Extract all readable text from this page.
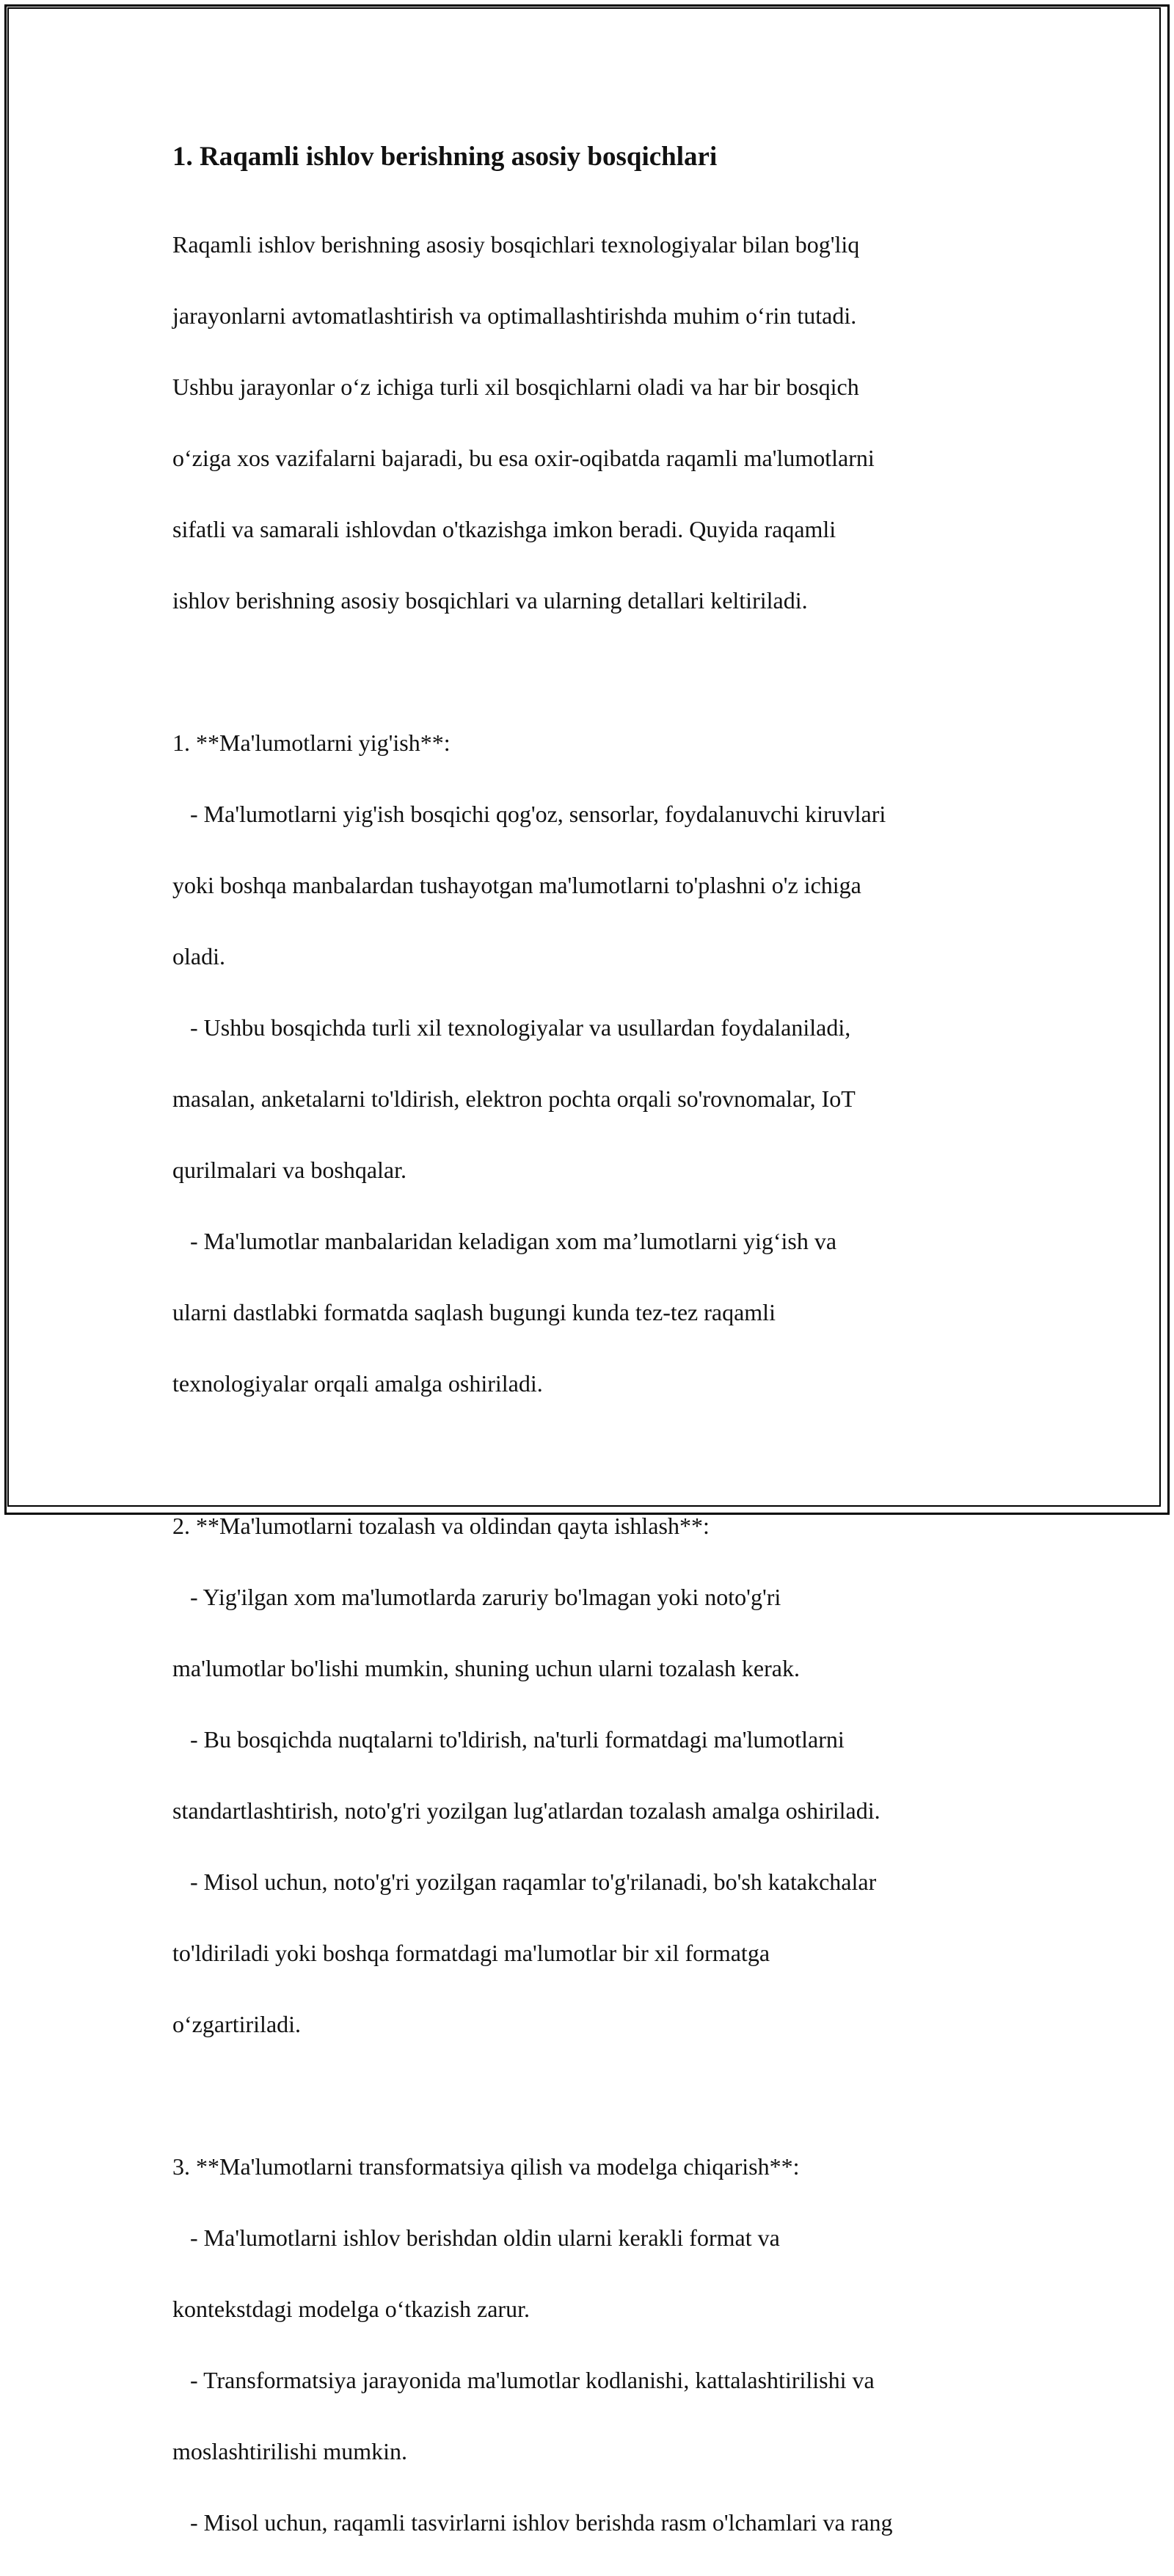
1. Raqamli ishlov berishning asosiy bosqichlari

Raqamli ishlov berishning asosiy bosqichlari texnologiyalar bilan bog'liq

jarayonlarni avtomatlashtirish va optimallashtirishda muhim o‘rin tutadi.

Ushbu jarayonlar o‘z ichiga turli xil bosqichlarni oladi va har bir bosqich

o‘ziga xos vazifalarni bajaradi, bu esa oxir-oqibatda raqamli ma'lumotlarni

sifatli va samarali ishlovdan o'tkazishga imkon beradi. Quyida raqamli

ishlov berishning asosiy bosqichlari va ularning detallari keltiriladi.

1. **Ma'lumotlarni yig'ish**:

- Ma'lumotlarni yig'ish bosqichi qog'oz, sensorlar, foydalanuvchi kiruvlari

yoki boshqa manbalardan tushayotgan ma'lumotlarni to'plashni o'z ichiga

oladi.

- Ushbu bosqichda turli xil texnologiyalar va usullardan foydalaniladi,

masalan, anketalarni to'ldirish, elektron pochta orqali so'rovnomalar, IoT

qurilmalari va boshqalar.

- Ma'lumotlar manbalaridan keladigan xom ma’lumotlarni yig‘ish va

ularni dastlabki formatda saqlash bugungi kunda tez-tez raqamli

texnologiyalar orqali amalga oshiriladi.

2. **Ma'lumotlarni tozalash va oldindan qayta ishlash**:

- Yig'ilgan xom ma'lumotlarda zaruriy bo'lmagan yoki noto'g'ri

ma'lumotlar bo'lishi mumkin, shuning uchun ularni tozalash kerak.

- Bu bosqichda nuqtalarni to'ldirish, na'turli formatdagi ma'lumotlarni

standartlashtirish, noto'g'ri yozilgan lug'atlardan tozalash amalga oshiriladi.

- Misol uchun, noto'g'ri yozilgan raqamlar to'g'rilanadi, bo'sh katakchalar

to'ldiriladi yoki boshqa formatdagi ma'lumotlar bir xil formatga

o‘zgartiriladi.

3. **Ma'lumotlarni transformatsiya qilish va modelga chiqarish**:

- Ma'lumotlarni ishlov berishdan oldin ularni kerakli format va

kontekstdagi modelga o‘tkazish zarur.

- Transformatsiya jarayonida ma'lumotlar kodlanishi, kattalashtirilishi va

moslashtirilishi mumkin.

- Misol uchun, raqamli tasvirlarni ishlov berishda rasm o'lchamlari va rang
